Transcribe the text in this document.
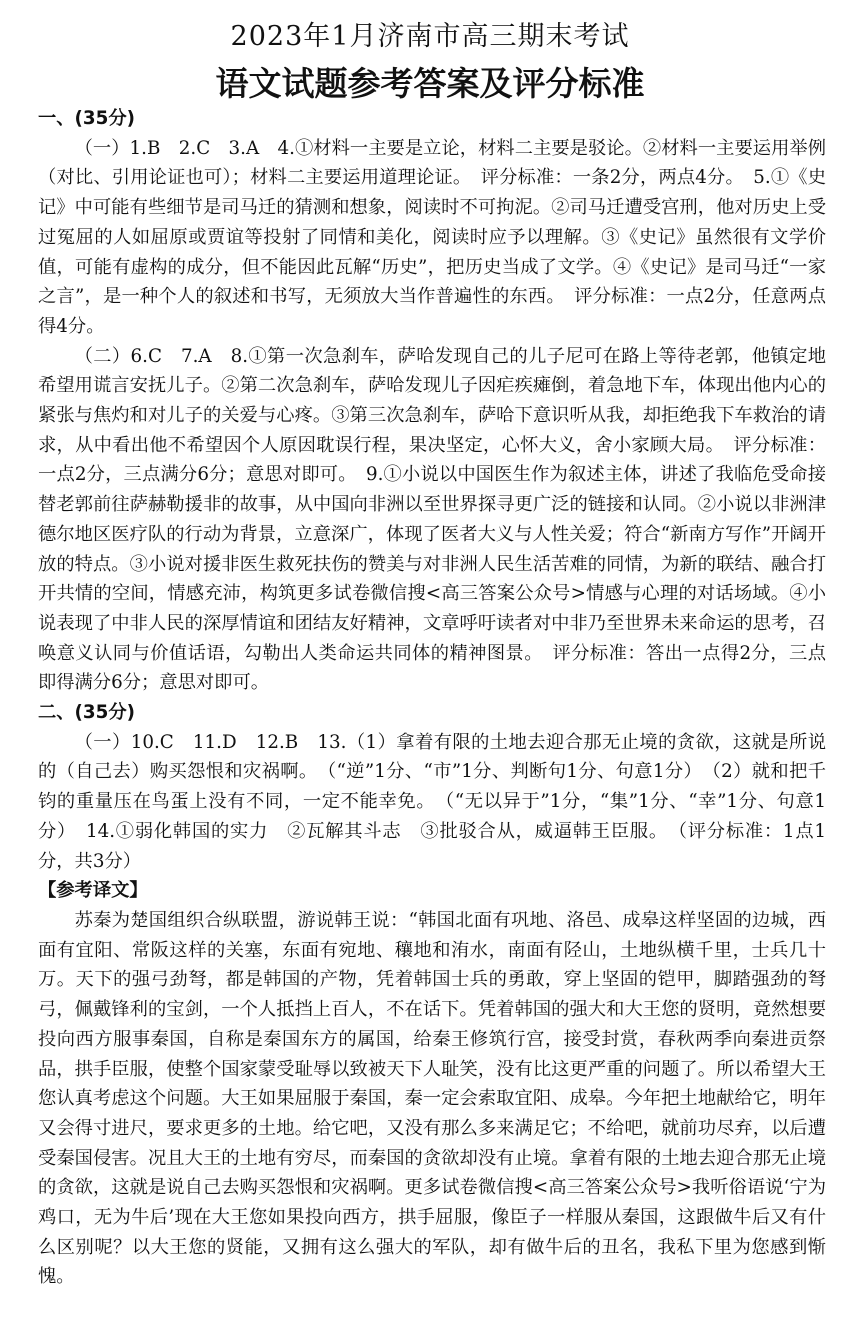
2023年1月济南市高三期末考试
语文试题参考答案及评分标准

一、(35分)

（一）1.B　2.C　3.A　4.①材料一主要是立论，材料二主要是驳论。②材料一主要运用举例（对比、引用论证也可）；材料二主要运用道理论证。　评分标准：一条2分，两点4分。　5.①《史记》中可能有些细节是司马迁的猜测和想象，阅读时不可拘泥。②司马迁遭受宫刑，他对历史上受过冤屈的人如屈原或贾谊等投射了同情和美化，阅读时应予以理解。③《史记》虽然很有文学价值，可能有虚构的成分，但不能因此瓦解“历史”，把历史当成了文学。④《史记》是司马迁“一家之言”，是一种个人的叙述和书写，无须放大当作普遍性的东西。　评分标准：一点2分，任意两点得4分。

（二）6.C　7.A　8.①第一次急刹车，萨哈发现自己的儿子尼可在路上等待老郭，他镇定地希望用谎言安抚儿子。②第二次急刹车，萨哈发现儿子因疟疾瘫倒，着急地下车，体现出他内心的紧张与焦灼和对儿子的关爱与心疼。③第三次急刹车，萨哈下意识听从我，却拒绝我下车救治的请求，从中看出他不希望因个人原因耽误行程，果决坚定，心怀大义，舍小家顾大局。　评分标准：一点2分，三点满分6分；意思对即可。　9.①小说以中国医生作为叙述主体，讲述了我临危受命接替老郭前往萨赫勒援非的故事，从中国向非洲以至世界探寻更广泛的链接和认同。②小说以非洲津德尔地区医疗队的行动为背景，立意深广，体现了医者大义与人性关爱；符合“新南方写作”开阔开放的特点。③小说对援非医生救死扶伤的赞美与对非洲人民生活苦难的同情，为新的联结、融合打开共情的空间，情感充沛，构筑更多试卷微信搜<高三答案公众号>情感与心理的对话场域。④小说表现了中非人民的深厚情谊和团结友好精神，文章呼吁读者对中非乃至世界未来命运的思考，召唤意义认同与价值话语，勾勒出人类命运共同体的精神图景。　评分标准：答出一点得2分，三点即得满分6分；意思对即可。

二、(35分)

（一）10.C　11.D　12.B　13.（1）拿着有限的土地去迎合那无止境的贪欲，这就是所说的（自己去）购买怨恨和灾祸啊。　（“逆”1分、“市”1分、判断句1分、句意1分）　（2）就和把千钧的重量压在鸟蛋上没有不同，一定不能幸免。　（“无以异于”1分，“集”1分、“幸”1分、句意1分）　14.①弱化韩国的实力　②瓦解其斗志　③批驳合从，威逼韩王臣服。　（评分标准：1点1分，共3分）

【参考译文】

苏秦为楚国组织合纵联盟，游说韩王说：“韩国北面有巩地、洛邑、成皋这样坚固的边城，西面有宜阳、常阪这样的关塞，东面有宛地、穰地和洧水，南面有陉山，土地纵横千里，士兵几十万。天下的强弓劲弩，都是韩国的产物，凭着韩国士兵的勇敢，穿上坚固的铠甲，脚踏强劲的弩弓，佩戴锋利的宝剑，一个人抵挡上百人，不在话下。凭着韩国的强大和大王您的贤明，竟然想要投向西方服事秦国，自称是秦国东方的属国，给秦王修筑行宫，接受封赏，春秋两季向秦进贡祭品，拱手臣服，使整个国家蒙受耻辱以致被天下人耻笑，没有比这更严重的问题了。所以希望大王您认真考虑这个问题。大王如果屈服于秦国，秦一定会索取宜阳、成皋。今年把土地献给它，明年又会得寸进尺，要求更多的土地。给它吧，又没有那么多来满足它；不给吧，就前功尽弃，以后遭受秦国侵害。况且大王的土地有穷尽，而秦国的贪欲却没有止境。拿着有限的土地去迎合那无止境的贪欲，这就是说自己去购买怨恨和灾祸啊。更多试卷微信搜<高三答案公众号>我听俗语说‘宁为鸡口，无为牛后’现在大王您如果投向西方，拱手屈服，像臣子一样服从秦国，这跟做牛后又有什么区别呢？以大王您的贤能，又拥有这么强大的军队，却有做牛后的丑名，我私下里为您感到惭愧。
